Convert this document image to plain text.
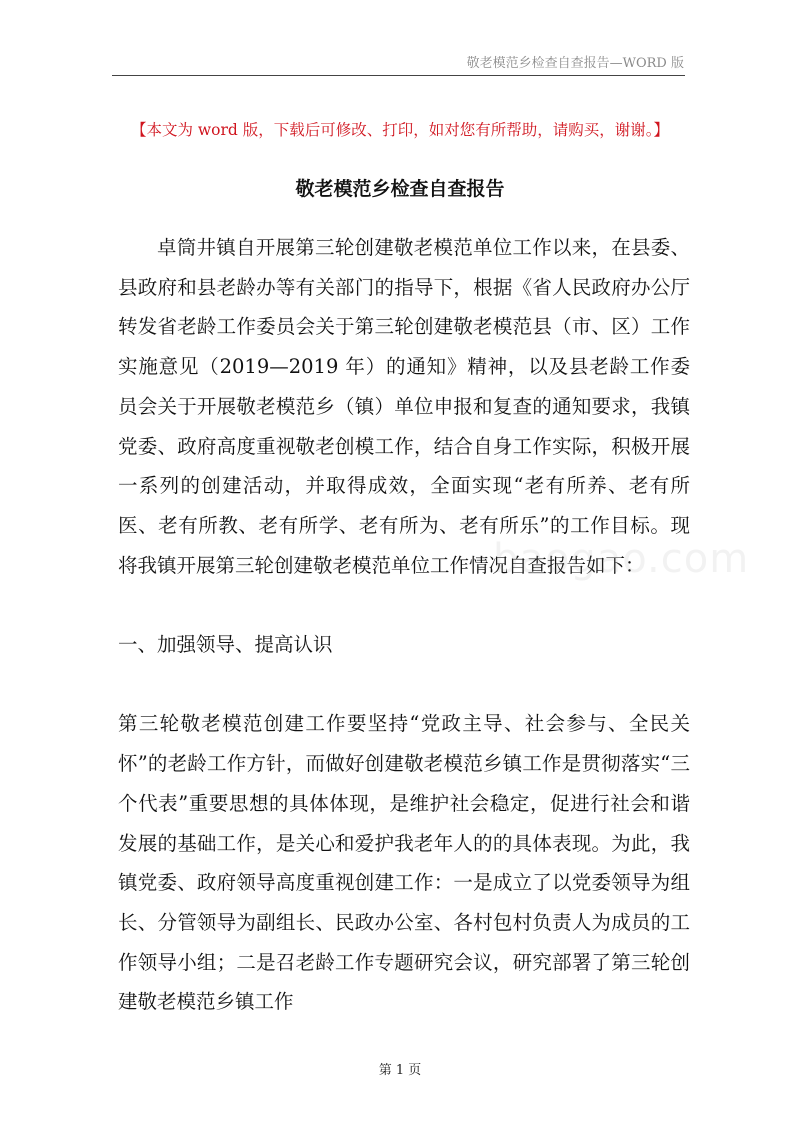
敬老模范乡检查自查报告—WORD 版
【本文为 word 版，下载后可修改、打印，如对您有所帮助，请购买，谢谢。】
敬老模范乡检查自查报告

卓筒井镇自开展第三轮创建敬老模范单位工作以来，在县委、县政府和县老龄办等有关部门的指导下，根据《省人民政府办公厅转发省老龄工作委员会关于第三轮创建敬老模范县（市、区）工作实施意见（2019—2019 年）的通知》精神，以及县老龄工作委员会关于开展敬老模范乡（镇）单位申报和复查的通知要求，我镇党委、政府高度重视敬老创模工作，结合自身工作实际，积极开展一系列的创建活动，并取得成效，全面实现“老有所养、老有所医、老有所教、老有所学、老有所为、老有所乐”的工作目标。现将我镇开展第三轮创建敬老模范单位工作情况自查报告如下：

一、加强领导、提高认识

第三轮敬老模范创建工作要坚持“党政主导、社会参与、全民关怀”的老龄工作方针，而做好创建敬老模范乡镇工作是贯彻落实“三个代表”重要思想的具体体现，是维护社会稳定，促进行社会和谐发展的基础工作，是关心和爱护我老年人的的具体表现。为此，我镇党委、政府领导高度重视创建工作：一是成立了以党委领导为组长、分管领导为副组长、民政办公室、各村包村负责人为成员的工作领导小组；二是召老龄工作专题研究会议，研究部署了第三轮创建敬老模范乡镇工作

baogao.com
第 1 页
